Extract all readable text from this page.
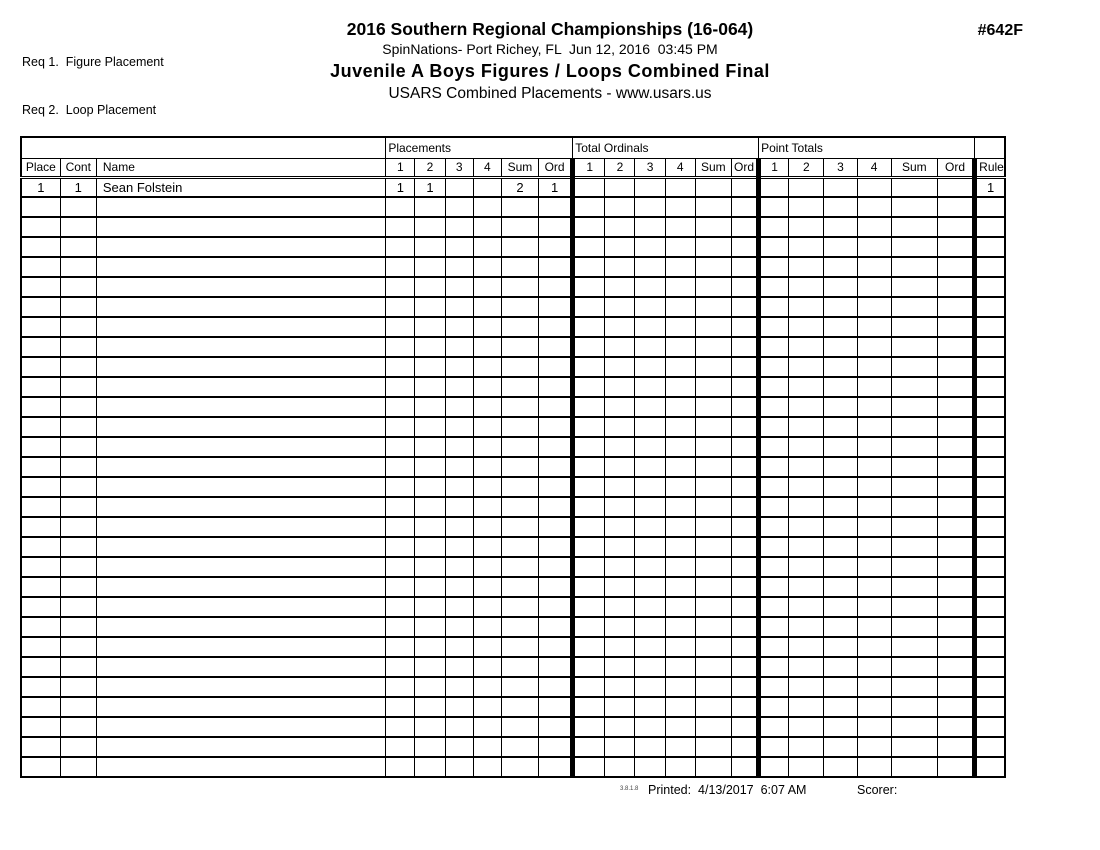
Req 1.  Figure Placement

Req 2.  Loop Placement

2016 Southern Regional Championships (16-064)
SpinNations- Port Richey, FL  Jun 12, 2016  03:45 PM
Juvenile A Boys Figures / Loops Combined Final
USARS Combined Placements - www.usars.us
#642F
			Placements						Total Ordinals						Point Totals						
Place	Cont	Name	1	2	3	4	Sum	Ord	1	2	3	4	Sum	Ord	1	2	3	4	Sum	Ord	Rule
1	1	Sean Folstein	1	1			2	1													1

3.8.1.8 Printed:  4/13/2017  6:07 AM	Scorer:
